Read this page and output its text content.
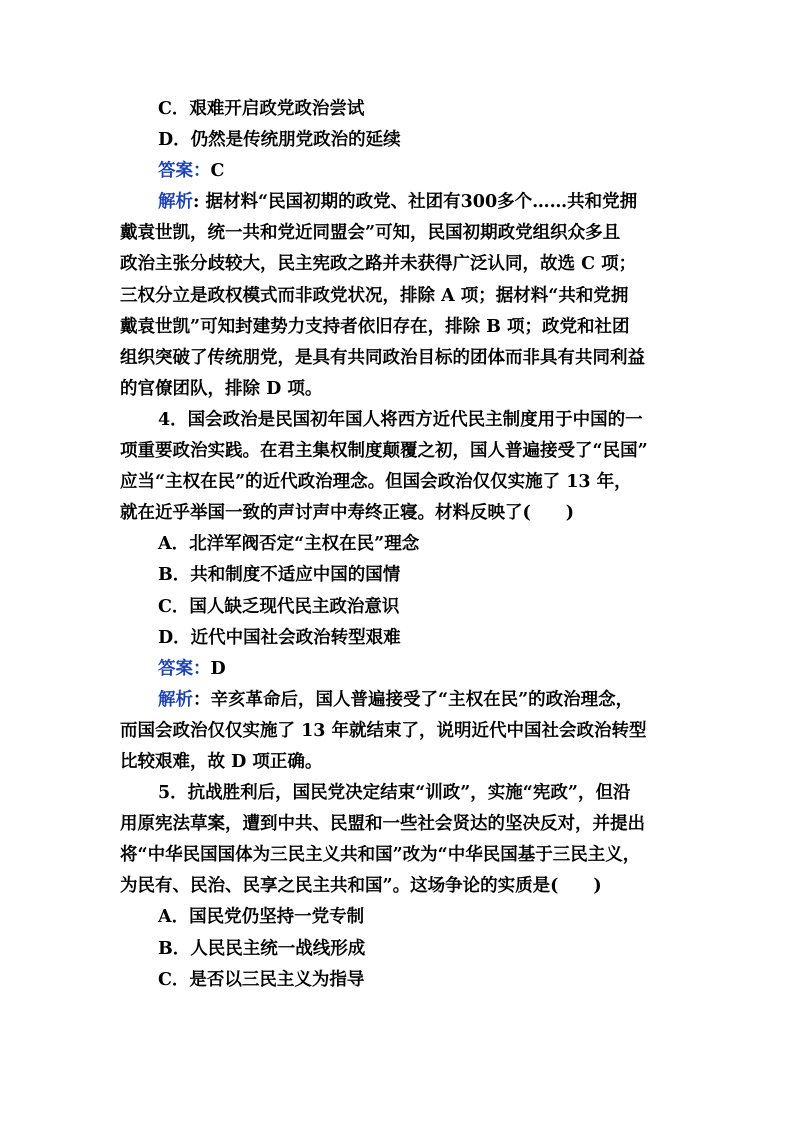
C．艰难开启政党政治尝试
D．仍然是传统朋党政治的延续
答案：C
解析: 据材料“民国初期的政党、社团有300多个……共和党拥
戴袁世凯，统一共和党近同盟会”可知，民国初期政党组织众多且
政治主张分歧较大，民主宪政之路并未获得广泛认同，故选 C 项；
三权分立是政权模式而非政党状况，排除 A 项；据材料“共和党拥
戴袁世凯”可知封建势力支持者依旧存在，排除 B 项；政党和社团
组织突破了传统朋党，是具有共同政治目标的团体而非具有共同利益
的官僚团队，排除 D 项。
4．国会政治是民国初年国人将西方近代民主制度用于中国的一
项重要政治实践。在君主集权制度颠覆之初，国人普遍接受了“民国”
应当“主权在民”的近代政治理念。但国会政治仅仅实施了 13 年，
就在近乎举国一致的声讨声中寿终正寝。材料反映了(　　)
A．北洋军阀否定“主权在民”理念
B．共和制度不适应中国的国情
C．国人缺乏现代民主政治意识
D．近代中国社会政治转型艰难
答案：D
解析：辛亥革命后，国人普遍接受了“主权在民”的政治理念，
而国会政治仅仅实施了 13 年就结束了，说明近代中国社会政治转型
比较艰难，故 D 项正确。
5．抗战胜利后，国民党决定结束“训政”，实施“宪政”，但沿
用原宪法草案，遭到中共、民盟和一些社会贤达的坚决反对，并提出
将“中华民国国体为三民主义共和国”改为“中华民国基于三民主义，
为民有、民治、民享之民主共和国”。这场争论的实质是(　　)
A．国民党仍坚持一党专制
B．人民民主统一战线形成
C．是否以三民主义为指导
